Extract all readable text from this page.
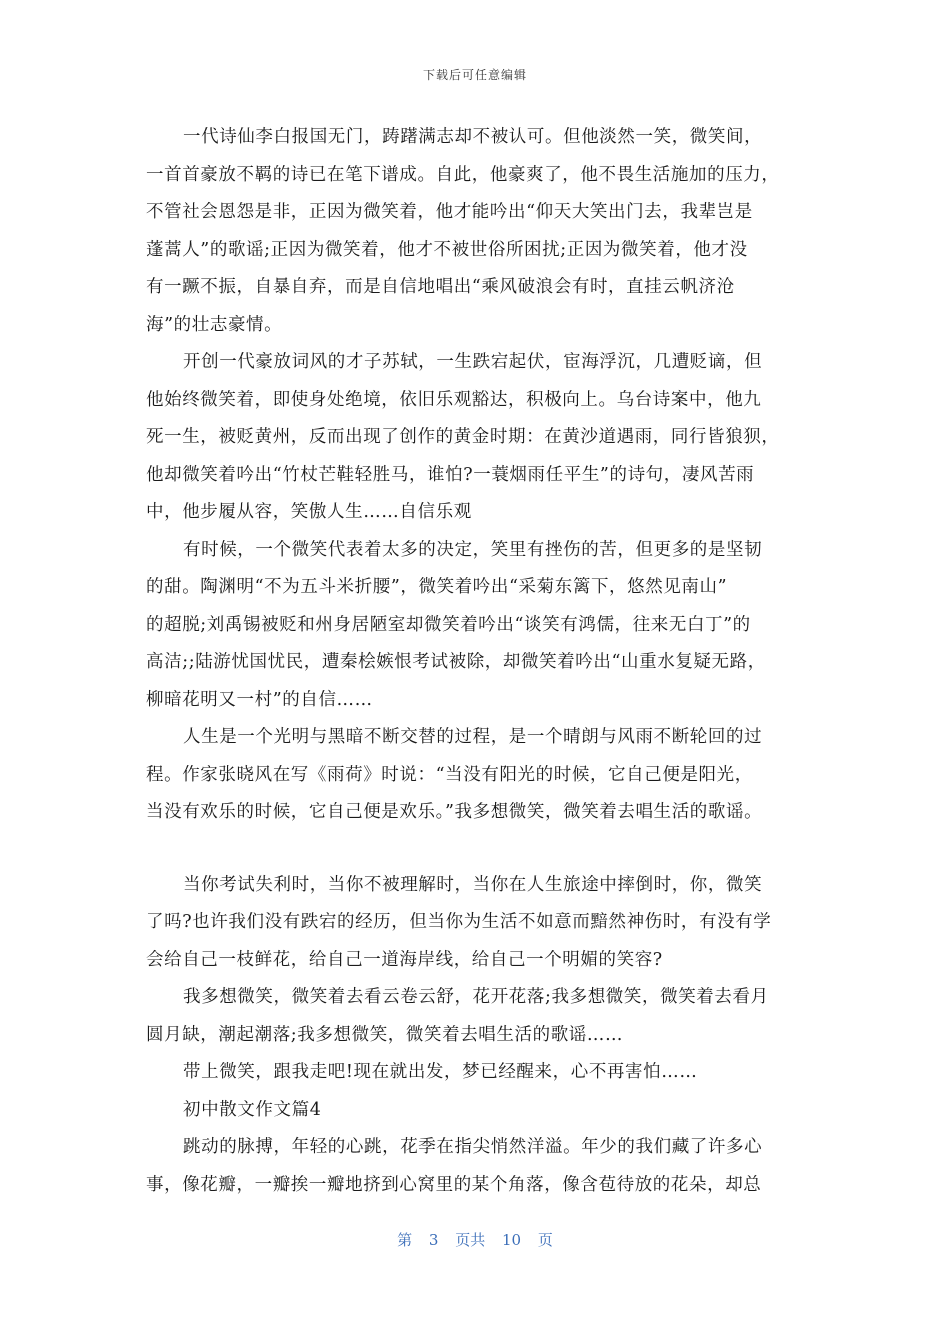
下载后可任意编辑
一代诗仙李白报国无门，踌躇满志却不被认可。但他淡然一笑，微笑间，
一首首豪放不羁的诗已在笔下谱成。自此，他豪爽了，他不畏生活施加的压力，
不管社会恩怨是非，正因为微笑着，他才能吟出“仰天大笑出门去，我辈岂是
蓬蒿人”的歌谣;正因为微笑着，他才不被世俗所困扰;正因为微笑着，他才没
有一蹶不振，自暴自弃，而是自信地唱出“乘风破浪会有时，直挂云帆济沧
海”的壮志豪情。
开创一代豪放词风的才子苏轼，一生跌宕起伏，宦海浮沉，几遭贬谪，但
他始终微笑着，即使身处绝境，依旧乐观豁达，积极向上。乌台诗案中，他九
死一生，被贬黄州，反而出现了创作的黄金时期：在黄沙道遇雨，同行皆狼狈，
他却微笑着吟出“竹杖芒鞋轻胜马，谁怕?一蓑烟雨任平生”的诗句，凄风苦雨
中，他步履从容，笑傲人生……自信乐观
有时候，一个微笑代表着太多的决定，笑里有挫伤的苦，但更多的是坚韧
的甜。陶渊明“不为五斗米折腰”，微笑着吟出“采菊东篱下，悠然见南山”
的超脱;刘禹锡被贬和州身居陋室却微笑着吟出“谈笑有鸿儒，往来无白丁”的
高洁;;陆游忧国忧民，遭秦桧嫉恨考试被除，却微笑着吟出“山重水复疑无路，
柳暗花明又一村”的自信……
人生是一个光明与黑暗不断交替的过程，是一个晴朗与风雨不断轮回的过
程。作家张晓风在写《雨荷》时说：“当没有阳光的时候，它自己便是阳光，
当没有欢乐的时候，它自己便是欢乐。”我多想微笑，微笑着去唱生活的歌谣。
当你考试失利时，当你不被理解时，当你在人生旅途中摔倒时，你，微笑
了吗?也许我们没有跌宕的经历，但当你为生活不如意而黯然神伤时，有没有学
会给自己一枝鲜花，给自己一道海岸线，给自己一个明媚的笑容?
我多想微笑，微笑着去看云卷云舒，花开花落;我多想微笑，微笑着去看月
圆月缺，潮起潮落;我多想微笑，微笑着去唱生活的歌谣……
带上微笑，跟我走吧!现在就出发，梦已经醒来，心不再害怕……
初中散文作文篇4
跳动的脉搏，年轻的心跳，花季在指尖悄然洋溢。年少的我们藏了许多心
事，像花瓣，一瓣挨一瓣地挤到心窝里的某个角落，像含苞待放的花朵，却总
第 3 页共 10 页
